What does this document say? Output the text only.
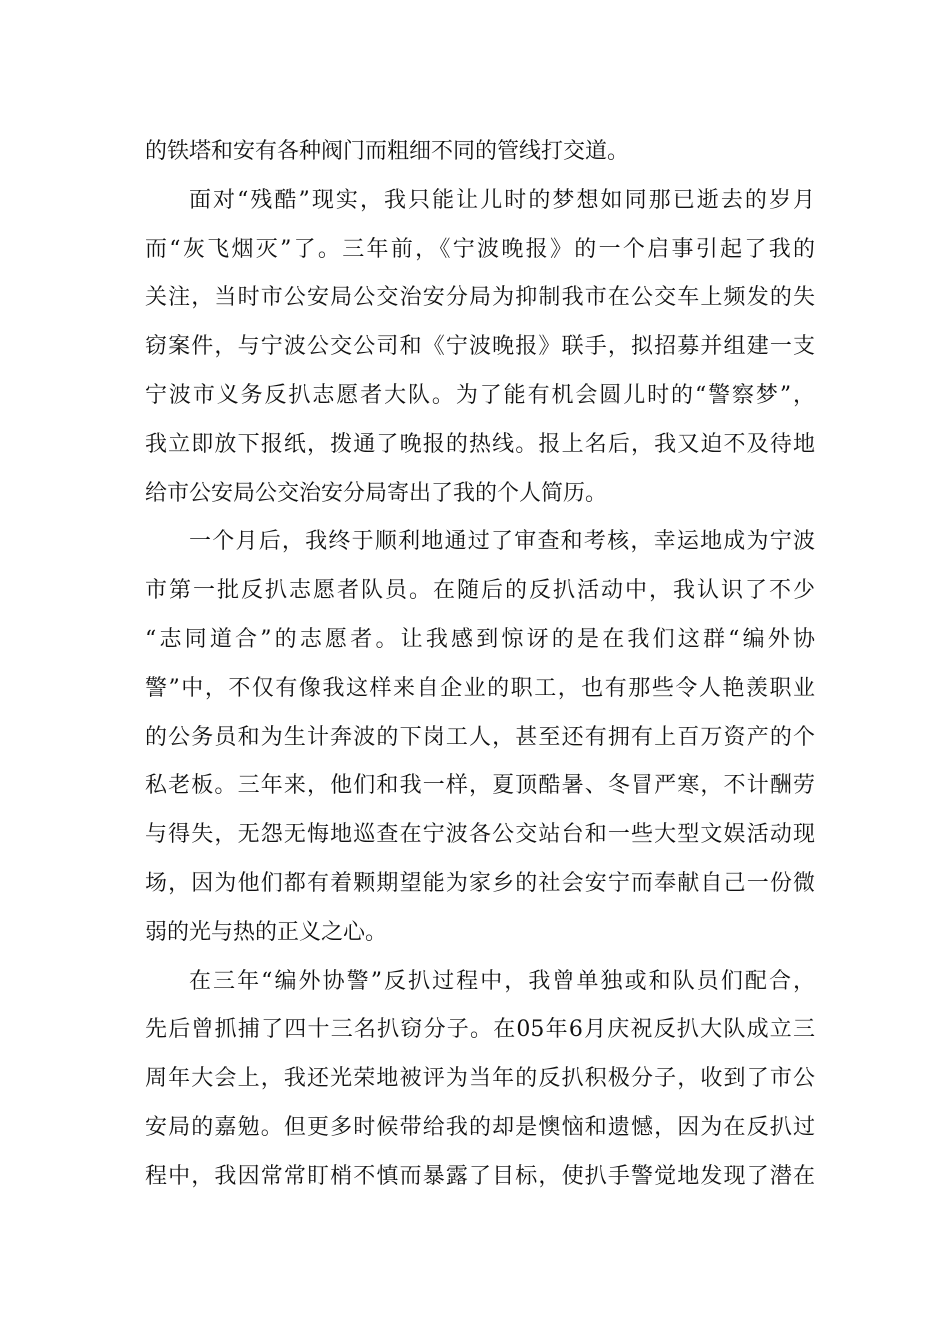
的铁塔和安有各种阀门而粗细不同的管线打交道。
面对“残酷”现实，我只能让儿时的梦想如同那已逝去的岁月
而“灰飞烟灭”了。三年前，《宁波晚报》的一个启事引起了我的
关注，当时市公安局公交治安分局为抑制我市在公交车上频发的失
窃案件，与宁波公交公司和《宁波晚报》联手，拟招募并组建一支
宁波市义务反扒志愿者大队。为了能有机会圆儿时的“警察梦”，
我立即放下报纸，拨通了晚报的热线。报上名后，我又迫不及待地
给市公安局公交治安分局寄出了我的个人简历。
一个月后，我终于顺利地通过了审查和考核，幸运地成为宁波
市第一批反扒志愿者队员。在随后的反扒活动中，我认识了不少
“志同道合”的志愿者。让我感到惊讶的是在我们这群“编外协
警”中，不仅有像我这样来自企业的职工，也有那些令人艳羡职业
的公务员和为生计奔波的下岗工人，甚至还有拥有上百万资产的个
私老板。三年来，他们和我一样，夏顶酷暑、冬冒严寒，不计酬劳
与得失，无怨无悔地巡查在宁波各公交站台和一些大型文娱活动现
场，因为他们都有着颗期望能为家乡的社会安宁而奉献自己一份微
弱的光与热的正义之心。
在三年“编外协警”反扒过程中，我曾单独或和队员们配合，
先后曾抓捕了四十三名扒窃分子。在05年6月庆祝反扒大队成立三
周年大会上，我还光荣地被评为当年的反扒积极分子，收到了市公
安局的嘉勉。但更多时候带给我的却是懊恼和遗憾，因为在反扒过
程中，我因常常盯梢不慎而暴露了目标，使扒手警觉地发现了潜在
